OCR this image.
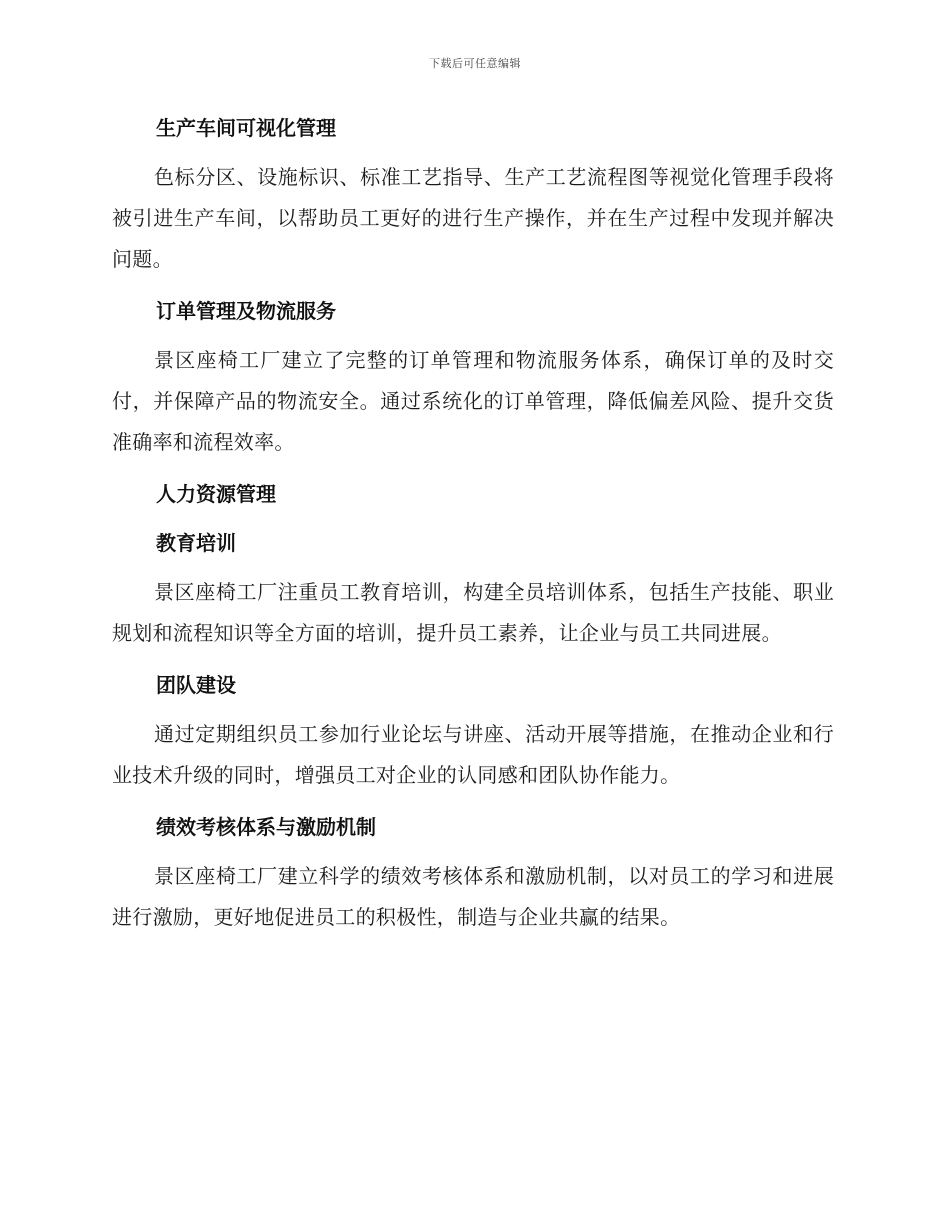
下载后可任意编辑
生产车间可视化管理

色标分区、设施标识、标准工艺指导、生产工艺流程图等视觉化管理手段将被引进生产车间，以帮助员工更好的进行生产操作，并在生产过程中发现并解决问题。

订单管理及物流服务

景区座椅工厂建立了完整的订单管理和物流服务体系，确保订单的及时交付，并保障产品的物流安全。通过系统化的订单管理，降低偏差风险、提升交货准确率和流程效率。

人力资源管理
教育培训

景区座椅工厂注重员工教育培训，构建全员培训体系，包括生产技能、职业规划和流程知识等全方面的培训，提升员工素养，让企业与员工共同进展。

团队建设

通过定期组织员工参加行业论坛与讲座、活动开展等措施，在推动企业和行业技术升级的同时，增强员工对企业的认同感和团队协作能力。

绩效考核体系与激励机制

景区座椅工厂建立科学的绩效考核体系和激励机制，以对员工的学习和进展进行激励，更好地促进员工的积极性，制造与企业共赢的结果。
